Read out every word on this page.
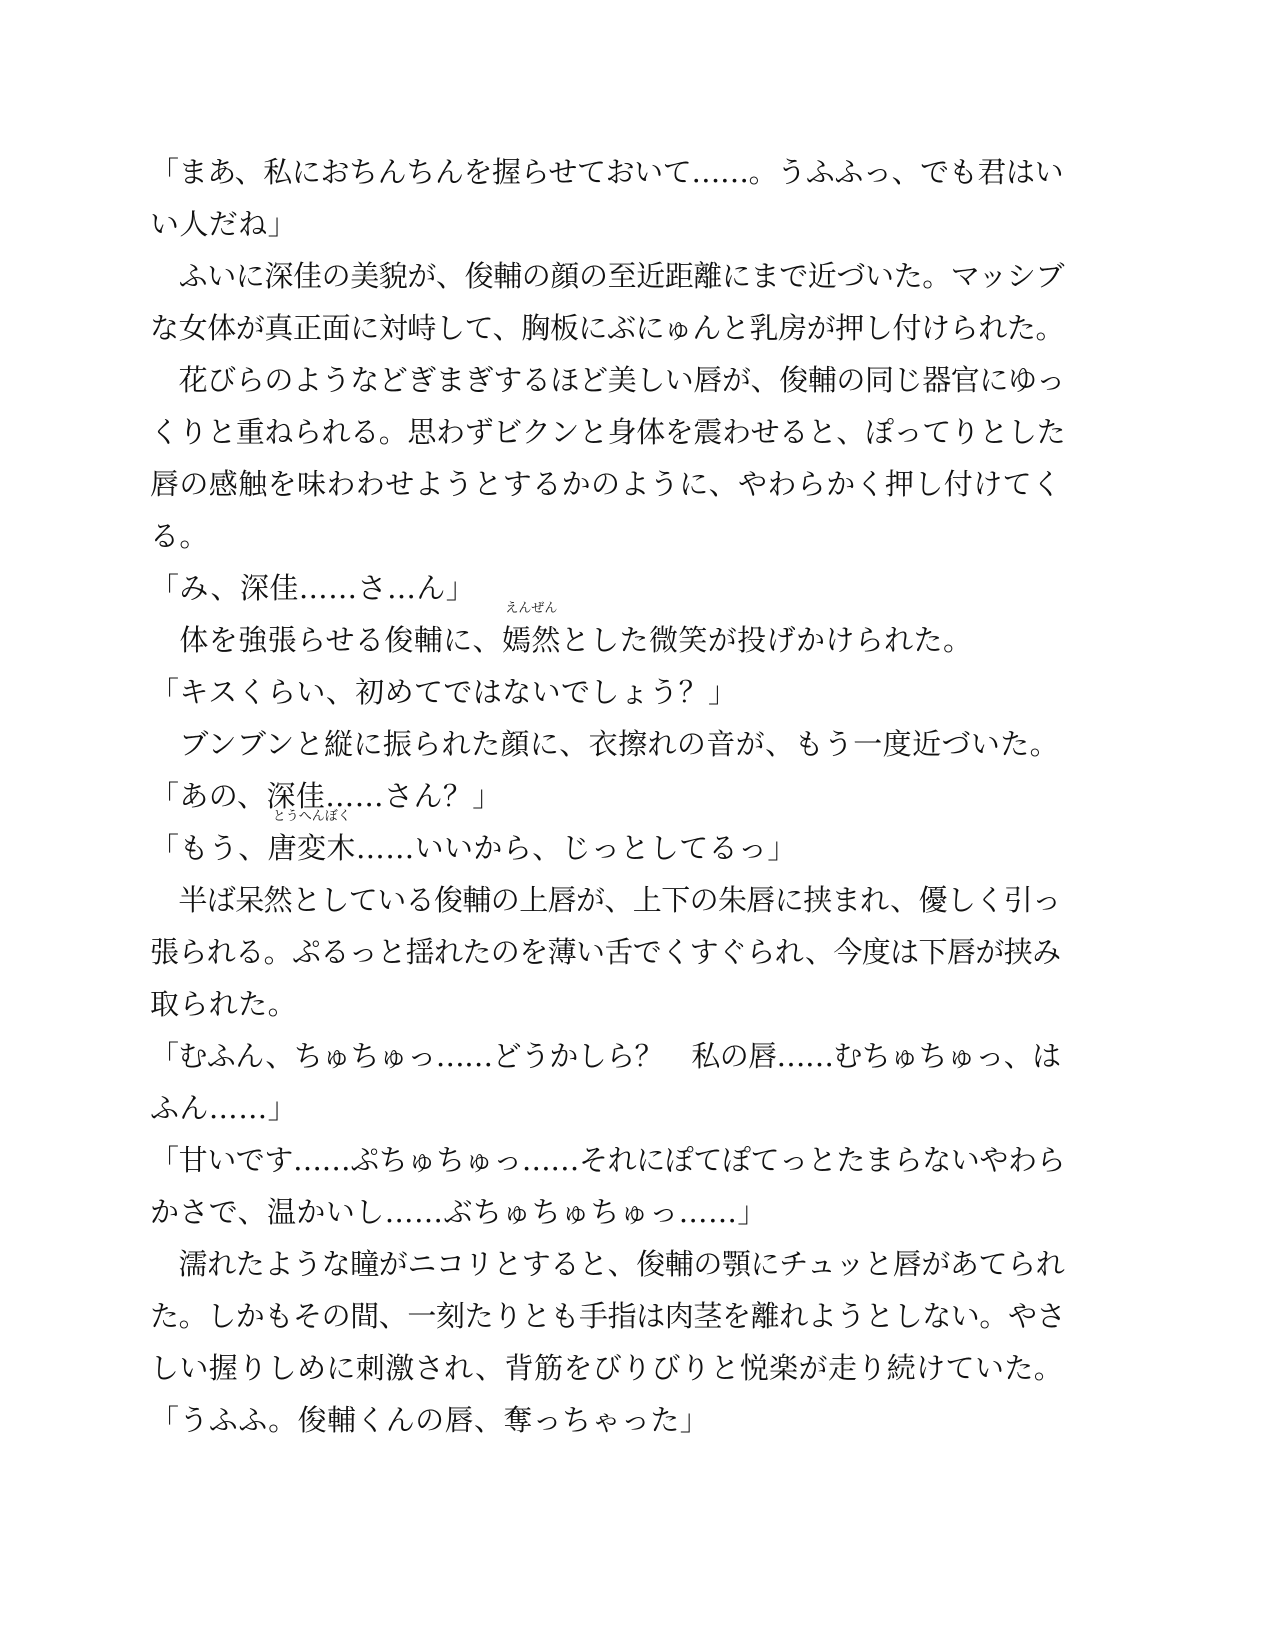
「まあ、私におちんちんを握らせておいて……。うふふっ、でも君はい
い人だね」
　ふいに深佳の美貌が、俊輔の顔の至近距離にまで近づいた。マッシブ
な女体が真正面に対峙して、胸板にぶにゅんと乳房が押し付けられた。
　花びらのようなどぎまぎするほど美しい唇が、俊輔の同じ器官にゆっ
くりと重ねられる。思わずビクンと身体を震わせると、ぽってりとした
唇の感触を味わわせようとするかのように、やわらかく押し付けてく
る。
「み、深佳……さ…ん」
　体を強張らせる俊輔に、
えんぜん
嫣然とした微笑が投げかけられた。
「キスくらい、初めてではないでしょう？」
　ブンブンと縦に振られた顔に、衣擦れの音が、もう一度近づいた。
「あの、深佳……さん？」
「もう、
とうへんぼく
唐変木……いいから、じっとしてるっ」
　半ば呆然としている俊輔の上唇が、上下の朱唇に挟まれ、優しく引っ
張られる。ぷるっと揺れたのを薄い舌でくすぐられ、今度は下唇が挟み
取られた。
「むふん、ちゅちゅっ……どうかしら？　私の唇……むちゅちゅっ、は
ふん……」
「甘いです……ぷちゅちゅっ……それにぽてぽてっとたまらないやわら
かさで、温かいし……ぶちゅちゅちゅっ……」
　濡れたような瞳がニコリとすると、俊輔の顎にチュッと唇があてられ
た。しかもその間、一刻たりとも手指は肉茎を離れようとしない。やさ
しい握りしめに刺激され、背筋をびりびりと悦楽が走り続けていた。
「うふふ。俊輔くんの唇、奪っちゃった」
